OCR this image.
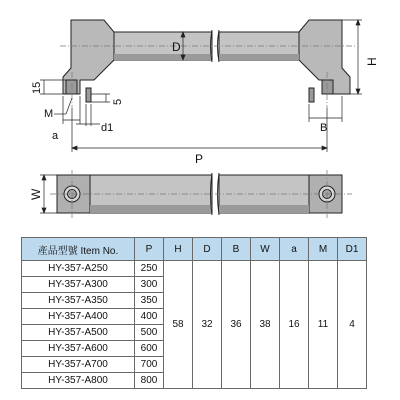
D
H
15
5
M
a
d1	B
P
W
產品型號 Item No.	P	H	D	B	W	a	M	D1
HY-357-A250	250	58	32	36	38	16	11	4
HY-357-A300	300							
HY-357-A350	350							
HY-357-A400	400							
HY-357-A500	500							
HY-357-A600	600							
HY-357-A700	700							
HY-357-A800	800							
